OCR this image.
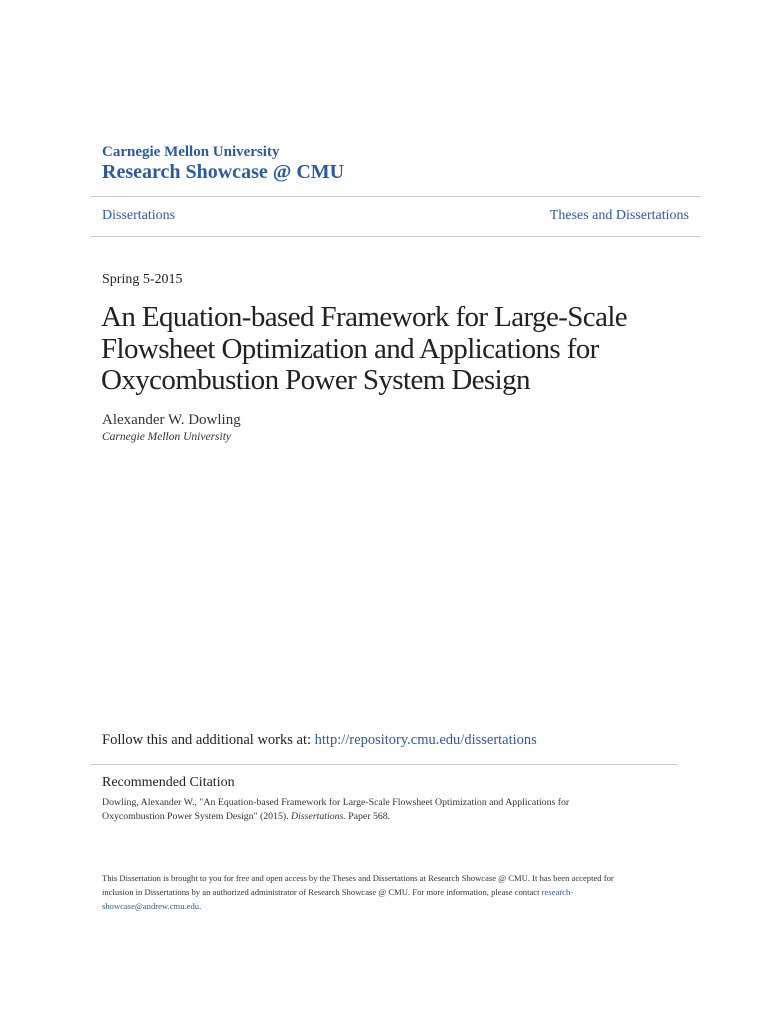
Carnegie Mellon University
Research Showcase @ CMU
Dissertations	Theses and Dissertations
Spring 5-2015
An Equation-based Framework for Large-Scale
Flowsheet Optimization and Applications for
Oxycombustion Power System Design
Alexander W. Dowling
Carnegie Mellon University
Follow this and additional works at: http://repository.cmu.edu/dissertations
Recommended Citation
Dowling, Alexander W., "An Equation-based Framework for Large-Scale Flowsheet Optimization and Applications for
Oxycombustion Power System Design" (2015). Dissertations. Paper 568.
This Dissertation is brought to you for free and open access by the Theses and Dissertations at Research Showcase @ CMU. It has been accepted for
inclusion in Dissertations by an authorized administrator of Research Showcase @ CMU. For more information, please contact research-
showcase@andrew.cmu.edu.
